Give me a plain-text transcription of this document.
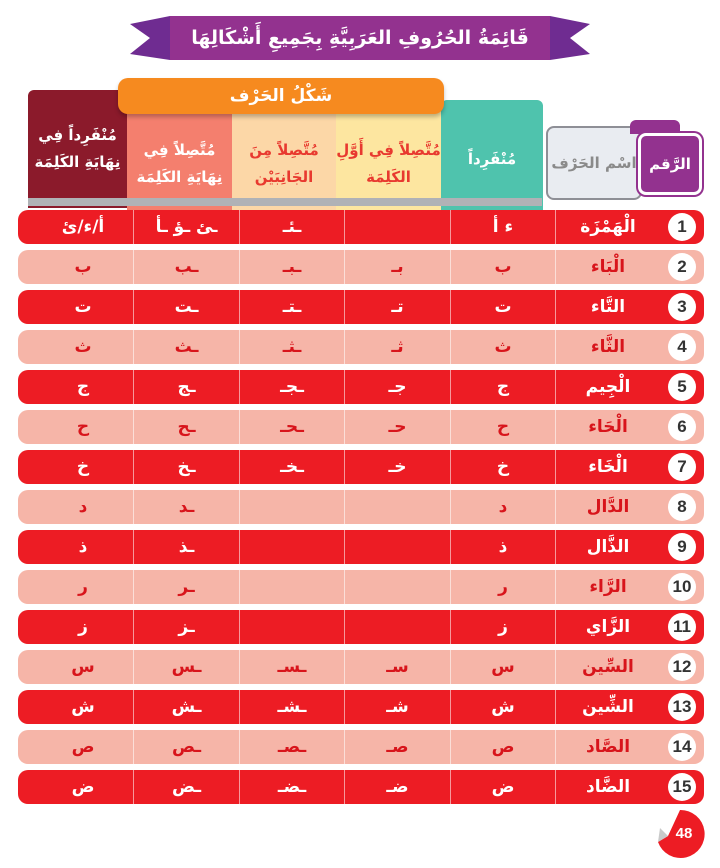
قَائِمَةُ الحُرُوفِ العَرَبِيَّةِ بِجَمِيعِ أَشْكَالِهَا
مُنْفَرِداً فِي نِهَايَةِ الكَلِمَة
مُتَّصِلاً فِي نِهَايَةِ الكَلِمَة
مُتَّصِلاً مِنَ الجَانِبَيْن
مُتَّصِلاً فِي أَوَّلِ الكَلِمَة
مُنْفَرِداً
شَكْلُ الحَرْف
اسْم الحَرْف الرَّقم
1
الْهَمْزَة
ء أ
ـئـ
ـئ ـؤ ـأ
أ/ء/ئ
2
الْبَاء
ب
بـ
ـبـ
ـب
ب
3
التَّاء
ت
تـ
ـتـ
ـت
ت
4
الثَّاء
ث
ثـ
ـثـ
ـث
ث
5
الْجِيم
ج
جـ
ـجـ
ـج
ج
6
الْحَاء
ح
حـ
ـحـ
ـح
ح
7
الْخَاء
خ
خـ
ـخـ
ـخ
خ
8
الدَّال
د
ـد
د
9
الذَّال
ذ
ـذ
ذ
10
الرَّاء
ر
ـر
ر
11
الزَّاي
ز
ـز
ز
12
السِّين
س
سـ
ـسـ
ـس
س
13
الشِّين
ش
شـ
ـشـ
ـش
ش
14
الصَّاد
ص
صـ
ـصـ
ـص
ص
15
الضَّاد
ض
ضـ
ـضـ
ـض
ض
48
